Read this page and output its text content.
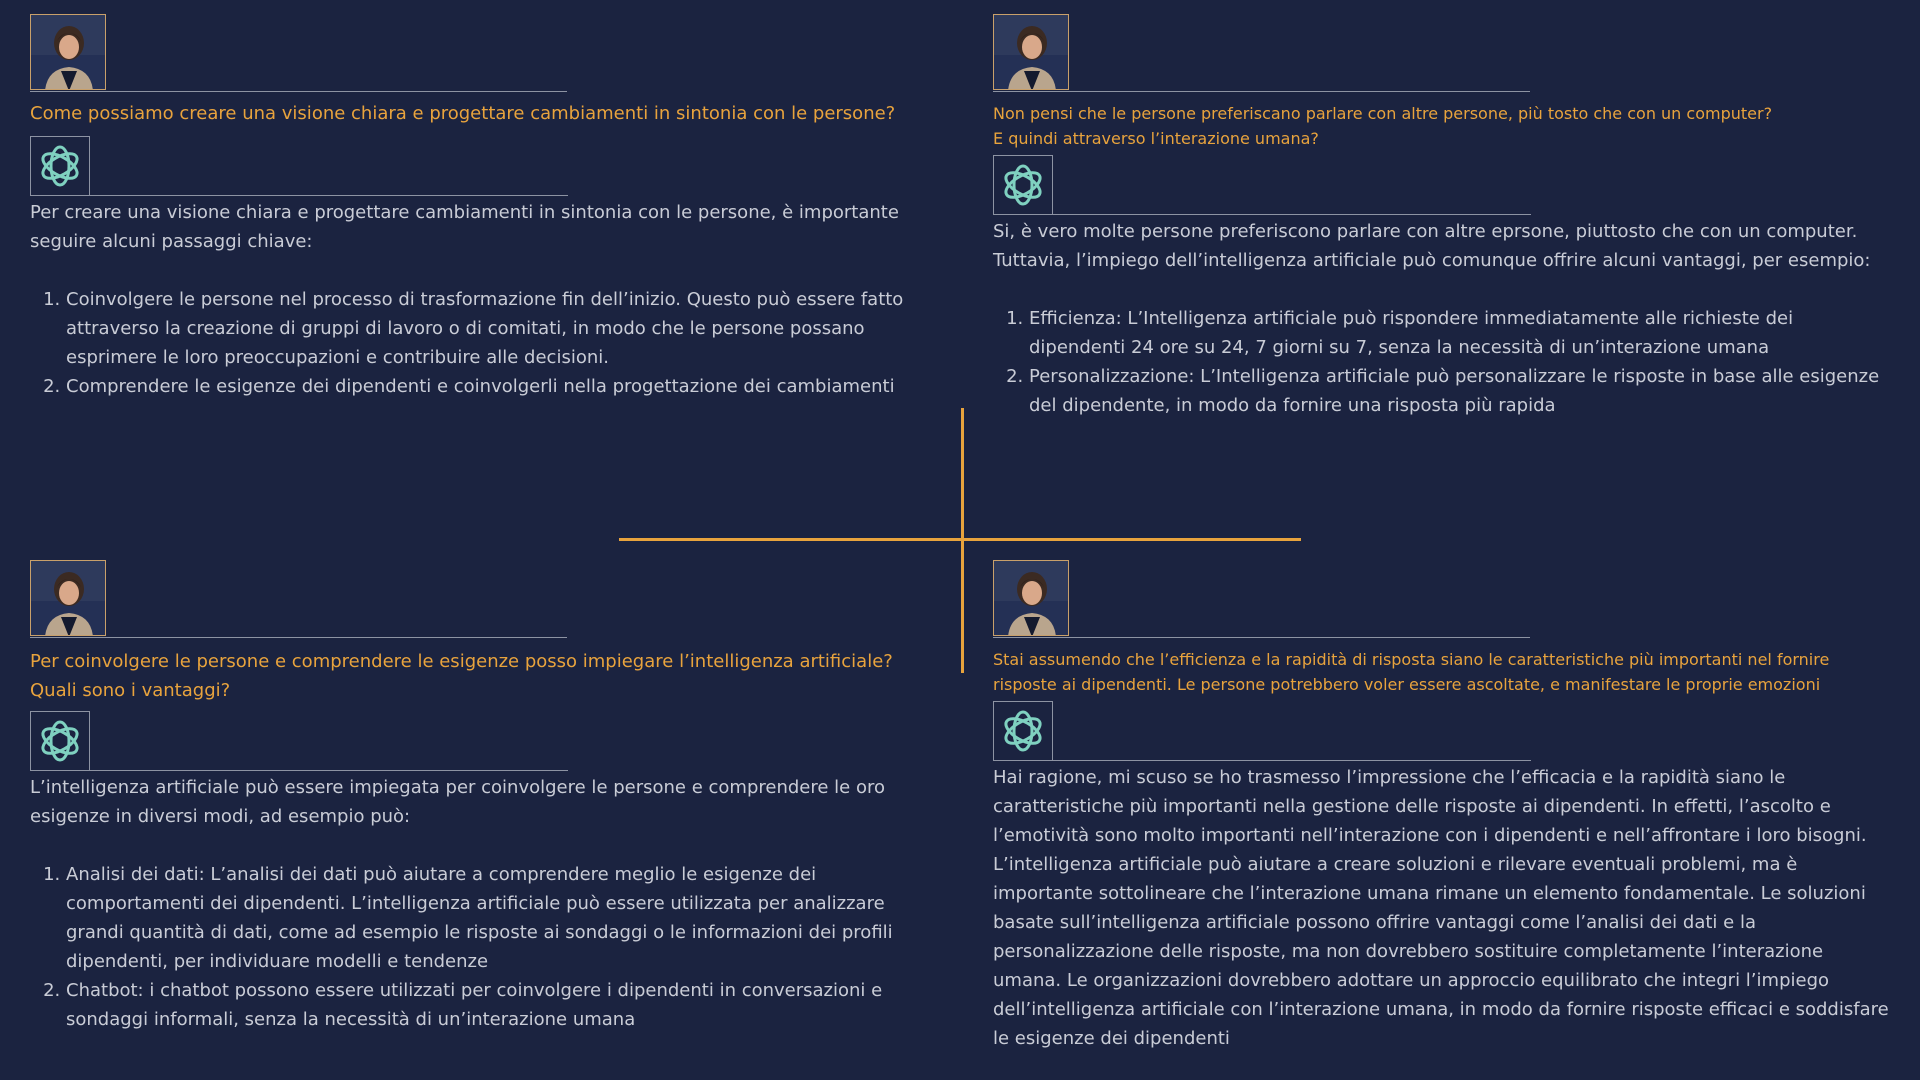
Come possiamo creare una visione chiara e progettare cambiamenti in sintonia con le persone?

Per creare una visione chiara e progettare cambiamenti in sintonia con le persone, è importante seguire alcuni passaggi chiave:

1. Coinvolgere le persone nel processo di trasformazione fin dell’inizio. Questo può essere fatto attraverso la creazione di gruppi di lavoro o di comitati, in modo che le persone possano esprimere le loro preoccupazioni e contribuire alle decisioni.
2. Comprendere le esigenze dei dipendenti e coinvolgerli nella progettazione dei cambiamenti
Non pensi che le persone preferiscano parlare con altre persone, più tosto che con un computer?
E quindi attraverso l’interazione umana?

Si, è vero molte persone preferiscono parlare con altre eprsone, piuttosto che con un computer. Tuttavia, l’impiego dell’intelligenza artificiale può comunque offrire alcuni vantaggi, per esempio:

1. Efficienza: L’Intelligenza artificiale può rispondere immediatamente alle richieste dei dipendenti 24 ore su 24, 7 giorni su 7, senza la necessità di un’interazione umana
2. Personalizzazione: L’Intelligenza artificiale può personalizzare le risposte in base alle esigenze del dipendente, in modo da fornire una risposta più rapida
Per coinvolgere le persone e comprendere le esigenze posso impiegare l’intelligenza artificiale? Quali sono i vantaggi?

L’intelligenza artificiale può essere impiegata per coinvolgere le persone e comprendere le oro esigenze in diversi modi, ad esempio può:

1. Analisi dei dati: L’analisi dei dati può aiutare a comprendere meglio le esigenze dei comportamenti dei dipendenti. L’intelligenza artificiale può essere utilizzata per analizzare grandi quantità di dati, come ad esempio le risposte ai sondaggi o le informazioni dei profili dipendenti, per individuare modelli e tendenze
2. Chatbot: i chatbot possono essere utilizzati per coinvolgere i dipendenti in conversazioni e sondaggi informali, senza la necessità di un’interazione umana
Stai assumendo che l’efficienza e la rapidità di risposta siano le caratteristiche più importanti nel fornire risposte ai dipendenti. Le persone potrebbero voler essere ascoltate, e manifestare le proprie emozioni

Hai ragione, mi scuso se ho trasmesso l’impressione che l’efficacia e la rapidità siano le caratteristiche più importanti nella gestione delle risposte ai dipendenti. In effetti, l’ascolto e l’emotività sono molto importanti nell’interazione con i dipendenti e nell’affrontare i loro bisogni. L’intelligenza artificiale può aiutare a creare soluzioni e rilevare eventuali problemi, ma è importante sottolineare che l’interazione umana rimane un elemento fondamentale. Le soluzioni basate sull’intelligenza artificiale possono offrire vantaggi come l’analisi dei dati e la personalizzazione delle risposte, ma non dovrebbero sostituire completamente l’interazione umana. Le organizzazioni dovrebbero adottare un approccio equilibrato che integri l’impiego dell’intelligenza artificiale con l’interazione umana, in modo da fornire risposte efficaci e soddisfare le esigenze dei dipendenti
